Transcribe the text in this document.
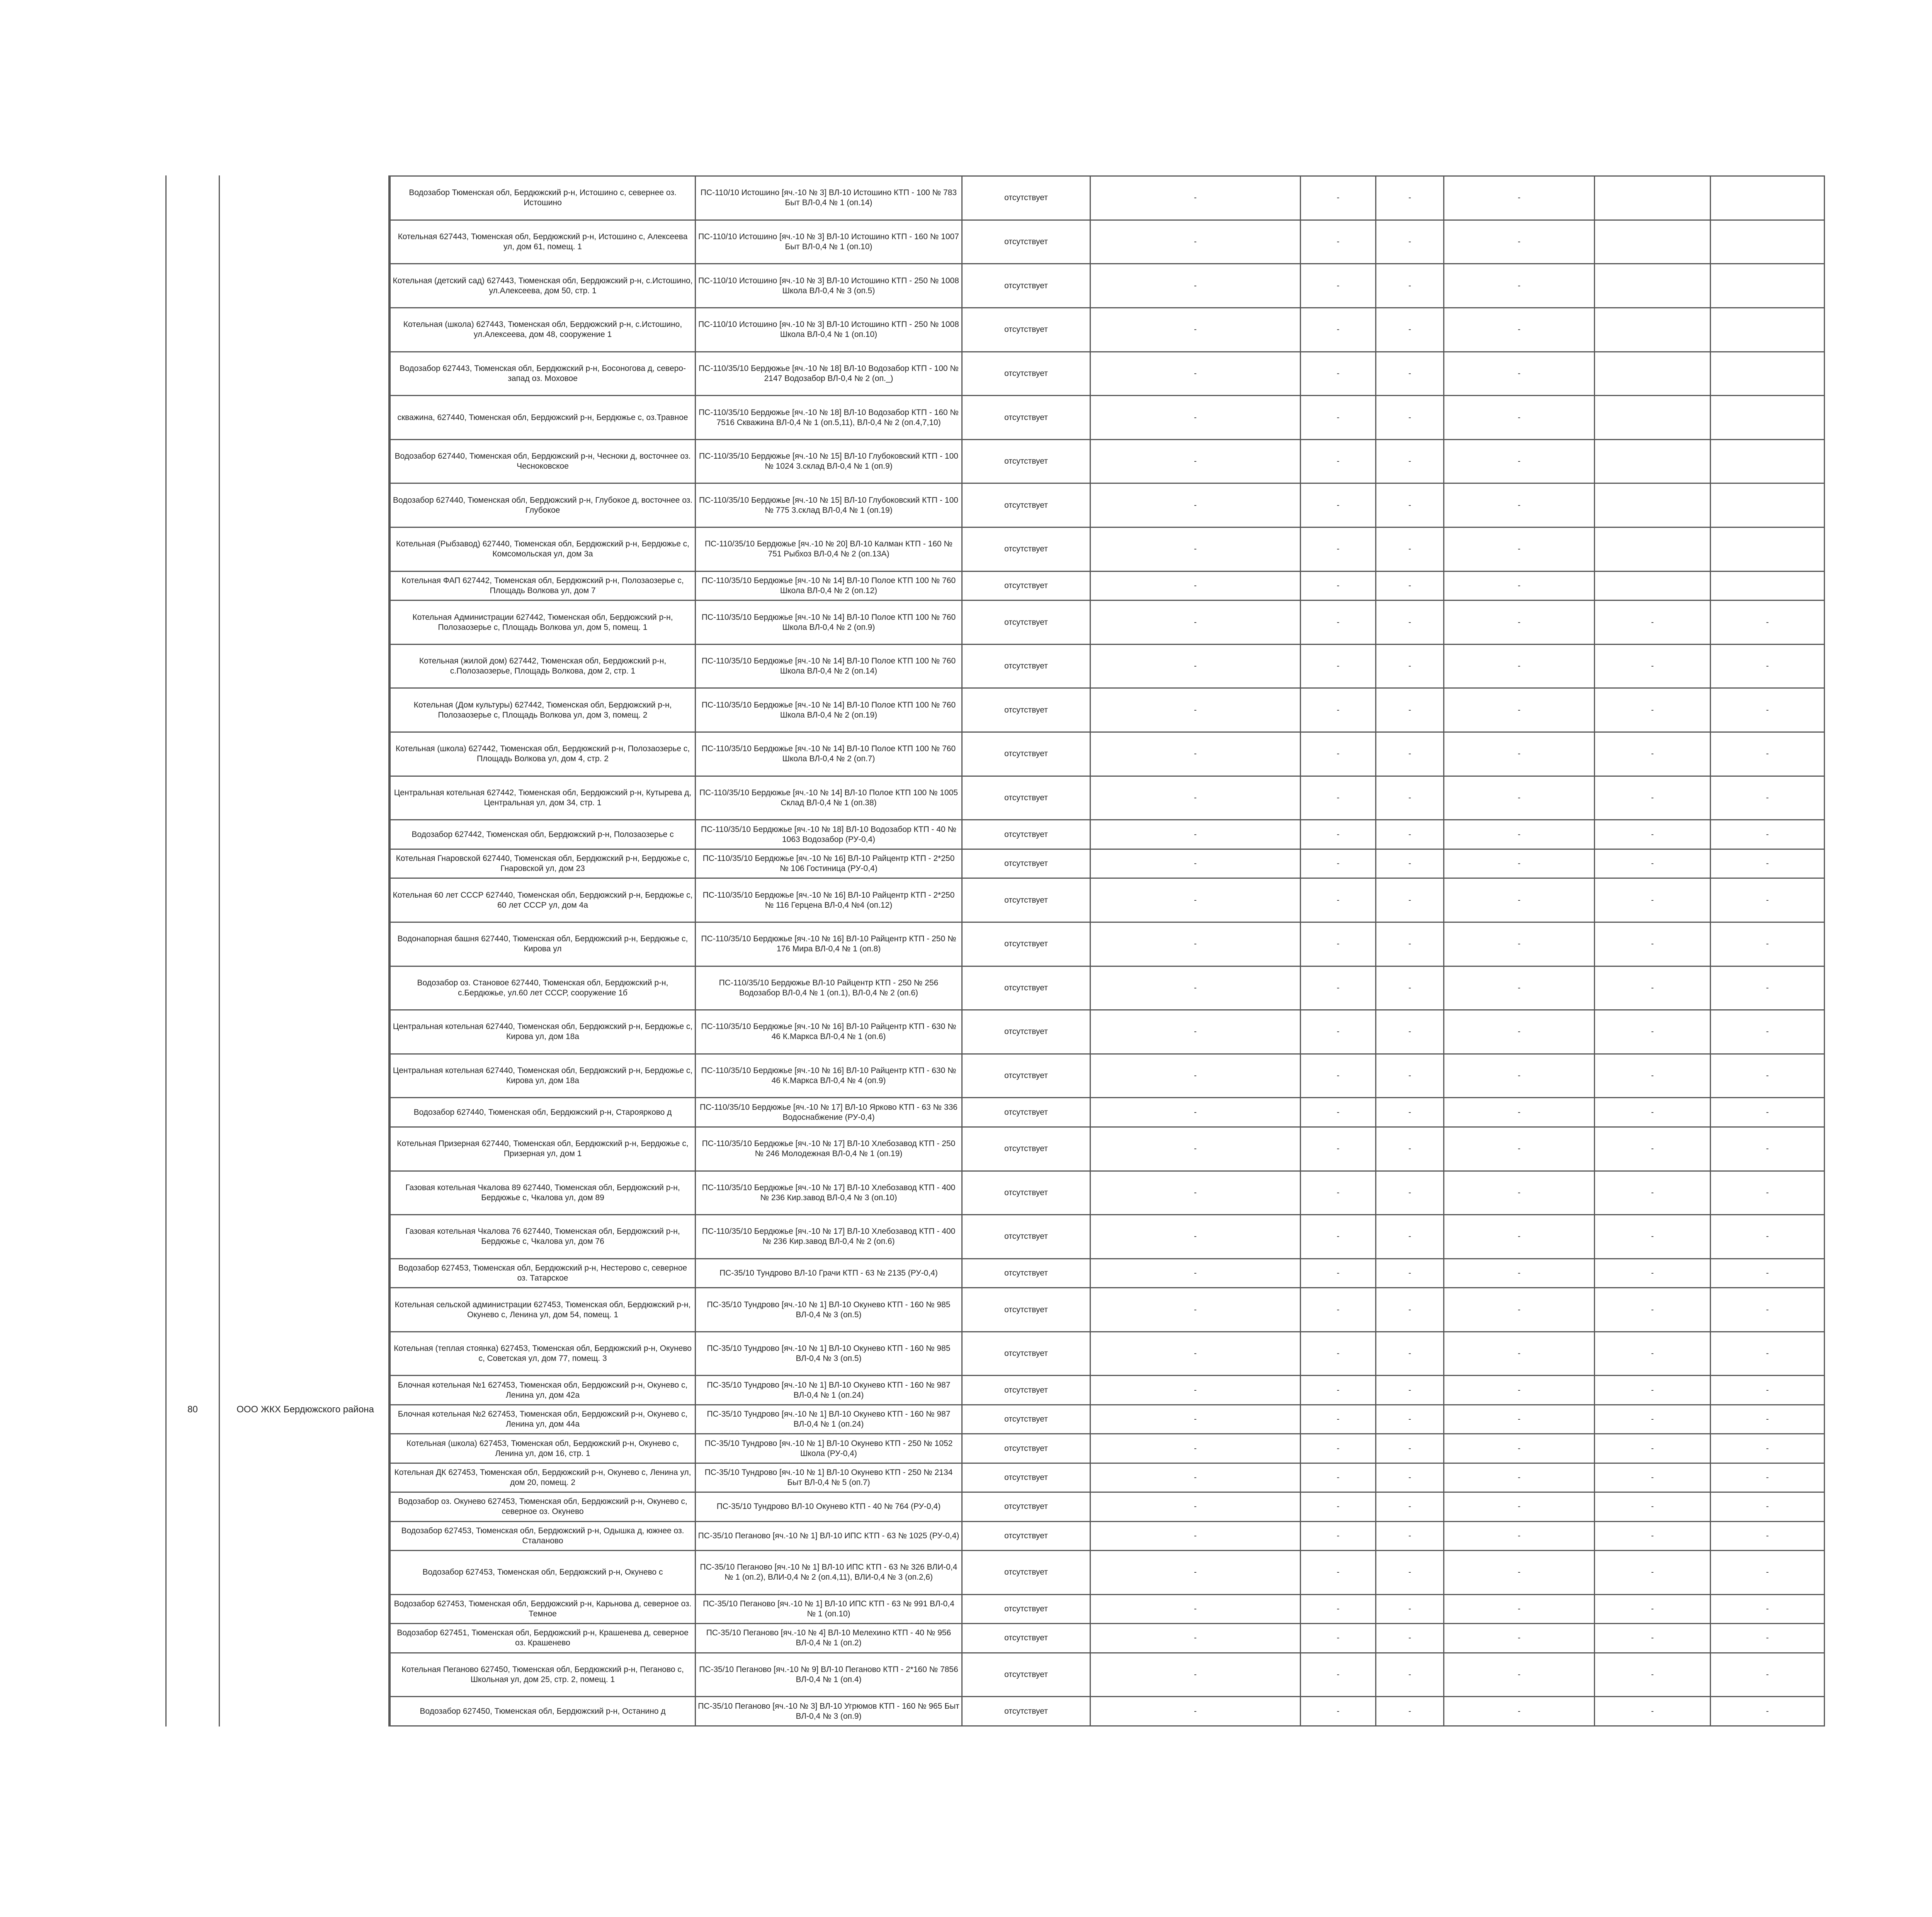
80	ООО ЖКХ Бердюжского района
Водозабор Тюменская обл, Бердюжский р-н, Истошино с, севернее оз. Истошино	ПС-110/10 Истошино [яч.-10 № 3] ВЛ-10 Истошино КТП - 100 № 783 Быт ВЛ-0,4 № 1 (оп.14)	отсутствует	-	-	-	-		
Котельная 627443, Тюменская обл, Бердюжский р-н, Истошино с, Алексеева ул, дом 61, помещ. 1	ПС-110/10 Истошино [яч.-10 № 3] ВЛ-10 Истошино КТП - 160 № 1007 Быт ВЛ-0,4 № 1 (оп.10)	отсутствует	-	-	-	-		
Котельная (детский сад) 627443, Тюменская обл, Бердюжский р-н, с.Истошино, ул.Алексеева, дом 50, стр. 1	ПС-110/10 Истошино [яч.-10 № 3] ВЛ-10 Истошино КТП - 250 № 1008 Школа ВЛ-0,4 № 3 (оп.5)	отсутствует	-	-	-	-		
Котельная (школа) 627443, Тюменская обл, Бердюжский р-н, с.Истошино, ул.Алексеева, дом 48, сооружение 1	ПС-110/10 Истошино [яч.-10 № 3] ВЛ-10 Истошино КТП - 250 № 1008 Школа ВЛ-0,4 № 1 (оп.10)	отсутствует	-	-	-	-		
Водозабор 627443, Тюменская обл, Бердюжский р-н, Босоногова д, северо-запад оз. Моховое	ПС-110/35/10 Бердюжье [яч.-10 № 18] ВЛ-10 Водозабор КТП - 100 № 2147 Водозабор ВЛ-0,4 № 2 (оп._)	отсутствует	-	-	-	-		
скважина, 627440, Тюменская обл, Бердюжский р-н, Бердюжье с, оз.Травное	ПС-110/35/10 Бердюжье [яч.-10 № 18] ВЛ-10 Водозабор КТП - 160 № 7516 Скважина ВЛ-0,4 № 1 (оп.5,11), ВЛ-0,4 № 2 (оп.4,7,10)	отсутствует	-	-	-	-		
Водозабор 627440, Тюменская обл, Бердюжский р-н, Чесноки д, восточнее оз. Чесноковское	ПС-110/35/10 Бердюжье [яч.-10 № 15] ВЛ-10 Глубоковский КТП - 100 № 1024 3.склад ВЛ-0,4 № 1 (оп.9)	отсутствует	-	-	-	-		
Водозабор 627440, Тюменская обл, Бердюжский р-н, Глубокое д, восточнее оз. Глубокое	ПС-110/35/10 Бердюжье [яч.-10 № 15] ВЛ-10 Глубоковский КТП - 100 № 775 3.склад ВЛ-0,4 № 1 (оп.19)	отсутствует	-	-	-	-		
Котельная (Рыбзавод) 627440, Тюменская обл, Бердюжский р-н, Бердюжье с, Комсомольская ул, дом 3а	ПС-110/35/10 Бердюжье [яч.-10 № 20] ВЛ-10 Калман КТП - 160 № 751 Рыбхоз ВЛ-0,4 № 2 (оп.13А)	отсутствует	-	-	-	-		
Котельная ФАП 627442, Тюменская обл, Бердюжский р-н, Полозаозерье с, Площадь Волкова ул, дом 7	ПС-110/35/10 Бердюжье [яч.-10 № 14] ВЛ-10 Полое КТП 100 № 760 Школа ВЛ-0,4 № 2 (оп.12)	отсутствует	-	-	-	-		
Котельная Администрации 627442, Тюменская обл, Бердюжский р-н, Полозаозерье с, Площадь Волкова ул, дом 5, помещ. 1	ПС-110/35/10 Бердюжье [яч.-10 № 14] ВЛ-10 Полое КТП 100 № 760 Школа ВЛ-0,4 № 2 (оп.9)	отсутствует	-	-	-	-	-	-
Котельная (жилой дом) 627442, Тюменская обл, Бердюжский р-н, с.Полозаозерье, Площадь Волкова, дом 2, стр. 1	ПС-110/35/10 Бердюжье [яч.-10 № 14] ВЛ-10 Полое КТП 100 № 760 Школа ВЛ-0,4 № 2 (оп.14)	отсутствует	-	-	-	-	-	-
Котельная (Дом культуры) 627442, Тюменская обл, Бердюжский р-н, Полозаозерье с, Площадь Волкова ул, дом 3, помещ. 2	ПС-110/35/10 Бердюжье [яч.-10 № 14] ВЛ-10 Полое КТП 100 № 760 Школа ВЛ-0,4 № 2 (оп.19)	отсутствует	-	-	-	-	-	-
Котельная (школа) 627442, Тюменская обл, Бердюжский р-н, Полозаозерье с, Площадь Волкова ул, дом 4, стр. 2	ПС-110/35/10 Бердюжье [яч.-10 № 14] ВЛ-10 Полое КТП 100 № 760 Школа ВЛ-0,4 № 2 (оп.7)	отсутствует	-	-	-	-	-	-
Центральная котельная 627442, Тюменская обл, Бердюжский р-н, Кутырева д, Центральная ул, дом 34, стр. 1	ПС-110/35/10 Бердюжье [яч.-10 № 14] ВЛ-10 Полое КТП 100 № 1005 Склад ВЛ-0,4 № 1 (оп.38)	отсутствует	-	-	-	-	-	-
Водозабор 627442, Тюменская обл, Бердюжский р-н, Полозаозерье с	ПС-110/35/10 Бердюжье [яч.-10 № 18] ВЛ-10 Водозабор КТП - 40 № 1063 Водозабор (РУ-0,4)	отсутствует	-	-	-	-	-	-
Котельная Гнаровской 627440, Тюменская обл, Бердюжский р-н, Бердюжье с, Гнаровской ул, дом 23	ПС-110/35/10 Бердюжье [яч.-10 № 16] ВЛ-10 Райцентр КТП - 2*250 № 106 Гостиница (РУ-0,4)	отсутствует	-	-	-	-	-	-
Котельная 60 лет СССР 627440, Тюменская обл, Бердюжский р-н, Бердюжье с, 60 лет СССР ул, дом 4а	ПС-110/35/10 Бердюжье [яч.-10 № 16] ВЛ-10 Райцентр КТП - 2*250 № 116 Герцена ВЛ-0,4 №4 (оп.12)	отсутствует	-	-	-	-	-	-
Водонапорная башня 627440, Тюменская обл, Бердюжский р-н, Бердюжье с, Кирова ул	ПС-110/35/10 Бердюжье [яч.-10 № 16] ВЛ-10 Райцентр КТП - 250 № 176 Мира ВЛ-0,4 № 1 (оп.8)	отсутствует	-	-	-	-	-	-
Водозабор оз. Становое 627440, Тюменская обл, Бердюжский р-н, с.Бердюжье, ул.60 лет СССР, сооружение 1б	ПС-110/35/10 Бердюжье ВЛ-10 Райцентр КТП - 250 № 256 Водозабор ВЛ-0,4 № 1 (оп.1), ВЛ-0,4 № 2 (оп.6)	отсутствует	-	-	-	-	-	-
Центральная котельная 627440, Тюменская обл, Бердюжский р-н, Бердюжье с, Кирова ул, дом 18а	ПС-110/35/10 Бердюжье [яч.-10 № 16] ВЛ-10 Райцентр КТП - 630 № 46 К.Маркса ВЛ-0,4 № 1 (оп.6)	отсутствует	-	-	-	-	-	-
Центральная котельная 627440, Тюменская обл, Бердюжский р-н, Бердюжье с, Кирова ул, дом 18а	ПС-110/35/10 Бердюжье [яч.-10 № 16] ВЛ-10 Райцентр КТП - 630 № 46 К.Маркса ВЛ-0,4 № 4 (оп.9)	отсутствует	-	-	-	-	-	-
Водозабор 627440, Тюменская обл, Бердюжский р-н, Староярково д	ПС-110/35/10 Бердюжье [яч.-10 № 17] ВЛ-10 Ярково КТП - 63 № 336 Водоснабжение (РУ-0,4)	отсутствует	-	-	-	-	-	-
Котельная Призерная 627440, Тюменская обл, Бердюжский р-н, Бердюжье с, Призерная ул, дом 1	ПС-110/35/10 Бердюжье [яч.-10 № 17] ВЛ-10 Хлебозавод КТП - 250 № 246 Молодежная ВЛ-0,4 № 1 (оп.19)	отсутствует	-	-	-	-	-	-
Газовая котельная Чкалова 89 627440, Тюменская обл, Бердюжский р-н, Бердюжье с, Чкалова ул, дом 89	ПС-110/35/10 Бердюжье [яч.-10 № 17] ВЛ-10 Хлебозавод КТП - 400 № 236 Кир.завод ВЛ-0,4 № 3 (оп.10)	отсутствует	-	-	-	-	-	-
Газовая котельная Чкалова 76 627440, Тюменская обл, Бердюжский р-н, Бердюжье с, Чкалова ул, дом 76	ПС-110/35/10 Бердюжье [яч.-10 № 17] ВЛ-10 Хлебозавод КТП - 400 № 236 Кир.завод ВЛ-0,4 № 2 (оп.6)	отсутствует	-	-	-	-	-	-
Водозабор 627453, Тюменская обл, Бердюжский р-н, Нестерово с, северное оз. Татарское	ПС-35/10 Тундрово ВЛ-10 Грачи КТП - 63 № 2135 (РУ-0,4)	отсутствует	-	-	-	-	-	-
Котельная сельской администрации 627453, Тюменская обл, Бердюжский р-н, Окунево с, Ленина ул, дом 54, помещ. 1	ПС-35/10 Тундрово [яч.-10 № 1] ВЛ-10 Окунево КТП - 160 № 985 ВЛ-0,4 № 3 (оп.5)	отсутствует	-	-	-	-	-	-
Котельная (теплая стоянка) 627453, Тюменская обл, Бердюжский р-н, Окунево с, Советская ул, дом 77, помещ. 3	ПС-35/10 Тундрово [яч.-10 № 1] ВЛ-10 Окунево КТП - 160 № 985 ВЛ-0,4 № 3 (оп.5)	отсутствует	-	-	-	-	-	-
Блочная котельная №1 627453, Тюменская обл, Бердюжский р-н, Окунево с, Ленина ул, дом 42а	ПС-35/10 Тундрово [яч.-10 № 1] ВЛ-10 Окунево КТП - 160 № 987 ВЛ-0,4 № 1 (оп.24)	отсутствует	-	-	-	-	-	-
Блочная котельная №2 627453, Тюменская обл, Бердюжский р-н, Окунево с, Ленина ул, дом 44а	ПС-35/10 Тундрово [яч.-10 № 1] ВЛ-10 Окунево КТП - 160 № 987 ВЛ-0,4 № 1 (оп.24)	отсутствует	-	-	-	-	-	-
Котельная (школа) 627453, Тюменская обл, Бердюжский р-н, Окунево с, Ленина ул, дом 16, стр. 1	ПС-35/10 Тундрово [яч.-10 № 1] ВЛ-10 Окунево КТП - 250 № 1052 Школа (РУ-0,4)	отсутствует	-	-	-	-	-	-
Котельная ДК 627453, Тюменская обл, Бердюжский р-н, Окунево с, Ленина ул, дом 20, помещ. 2	ПС-35/10 Тундрово [яч.-10 № 1] ВЛ-10 Окунево КТП - 250 № 2134 Быт ВЛ-0,4 № 5 (оп.7)	отсутствует	-	-	-	-	-	-
Водозабор оз. Окунево 627453, Тюменская обл, Бердюжский р-н, Окунево с, северное оз. Окунево	ПС-35/10 Тундрово ВЛ-10 Окунево КТП - 40 № 764 (РУ-0,4)	отсутствует	-	-	-	-	-	-
Водозабор 627453, Тюменская обл, Бердюжский р-н, Одышка д, южнее оз. Сталаново	ПС-35/10 Пеганово [яч.-10 № 1] ВЛ-10 ИПС КТП - 63 № 1025 (РУ-0,4)	отсутствует	-	-	-	-	-	-
Водозабор 627453, Тюменская обл, Бердюжский р-н, Окунево с	ПС-35/10 Пеганово [яч.-10 № 1] ВЛ-10 ИПС КТП - 63 № 326 ВЛИ-0,4 № 1 (оп.2), ВЛИ-0,4 № 2 (оп.4,11), ВЛИ-0,4 № 3 (оп.2,6)	отсутствует	-	-	-	-	-	-
Водозабор 627453, Тюменская обл, Бердюжский р-н, Карьнова д, северное оз. Темное	ПС-35/10 Пеганово [яч.-10 № 1] ВЛ-10 ИПС КТП - 63 № 991 ВЛ-0,4 № 1 (оп.10)	отсутствует	-	-	-	-	-	-
Водозабор 627451, Тюменская обл, Бердюжский р-н, Крашенева д, северное оз. Крашенево	ПС-35/10 Пеганово [яч.-10 № 4] ВЛ-10 Мелехино КТП - 40 № 956 ВЛ-0,4 № 1 (оп.2)	отсутствует	-	-	-	-	-	-
Котельная Пеганово 627450, Тюменская обл, Бердюжский р-н, Пеганово с, Школьная ул, дом 25, стр. 2, помещ. 1	ПС-35/10 Пеганово [яч.-10 № 9] ВЛ-10 Пеганово КТП - 2*160 № 7856 ВЛ-0,4 № 1 (оп.4)	отсутствует	-	-	-	-	-	-
Водозабор 627450, Тюменская обл, Бердюжский р-н, Останино д	ПС-35/10 Пеганово [яч.-10 № 3] ВЛ-10 Угрюмов КТП - 160 № 965 Быт ВЛ-0,4 № 3 (оп.9)	отсутствует	-	-	-	-	-	-
